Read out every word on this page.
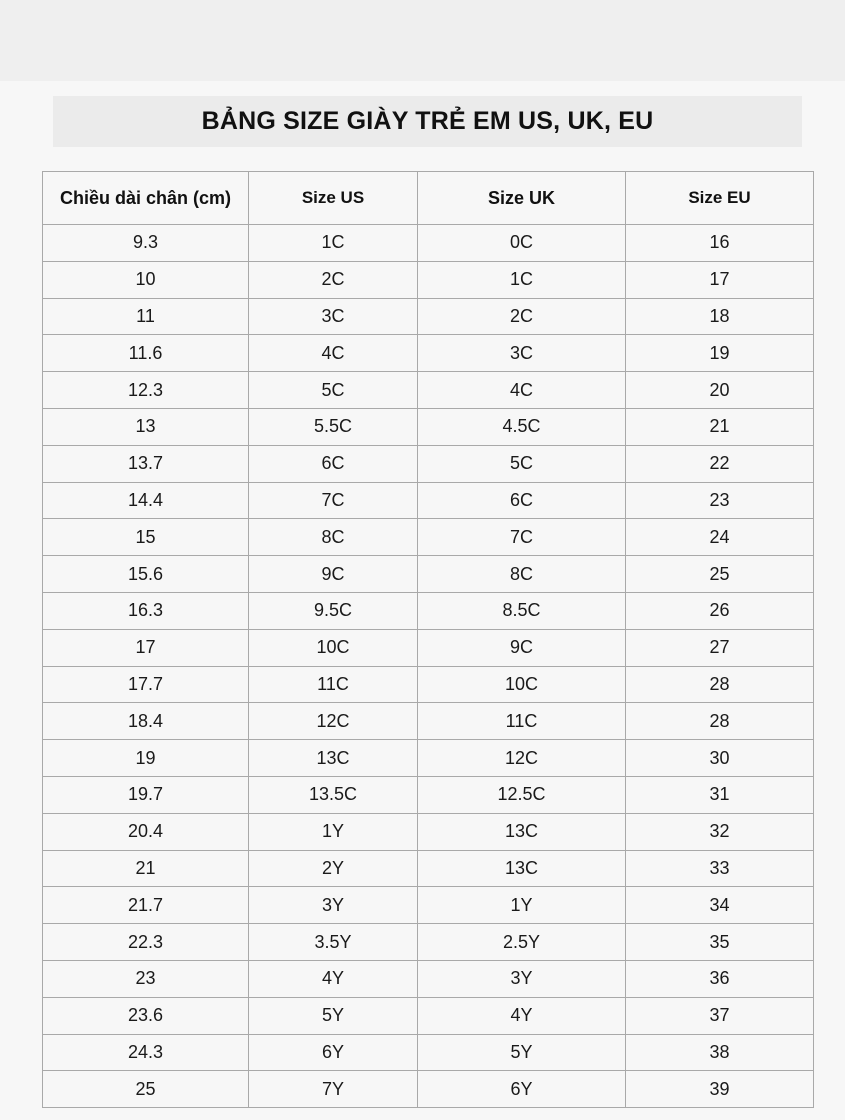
BẢNG SIZE GIÀY TRẺ EM US, UK, EU
Chiều dài chân (cm)	Size US	Size UK	Size EU
9.3	1C	0C	16
10	2C	1C	17
11	3C	2C	18
11.6	4C	3C	19
12.3	5C	4C	20
13	5.5C	4.5C	21
13.7	6C	5C	22
14.4	7C	6C	23
15	8C	7C	24
15.6	9C	8C	25
16.3	9.5C	8.5C	26
17	10C	9C	27
17.7	11C	10C	28
18.4	12C	11C	28
19	13C	12C	30
19.7	13.5C	12.5C	31
20.4	1Y	13C	32
21	2Y	13C	33
21.7	3Y	1Y	34
22.3	3.5Y	2.5Y	35
23	4Y	3Y	36
23.6	5Y	4Y	37
24.3	6Y	5Y	38
25	7Y	6Y	39
